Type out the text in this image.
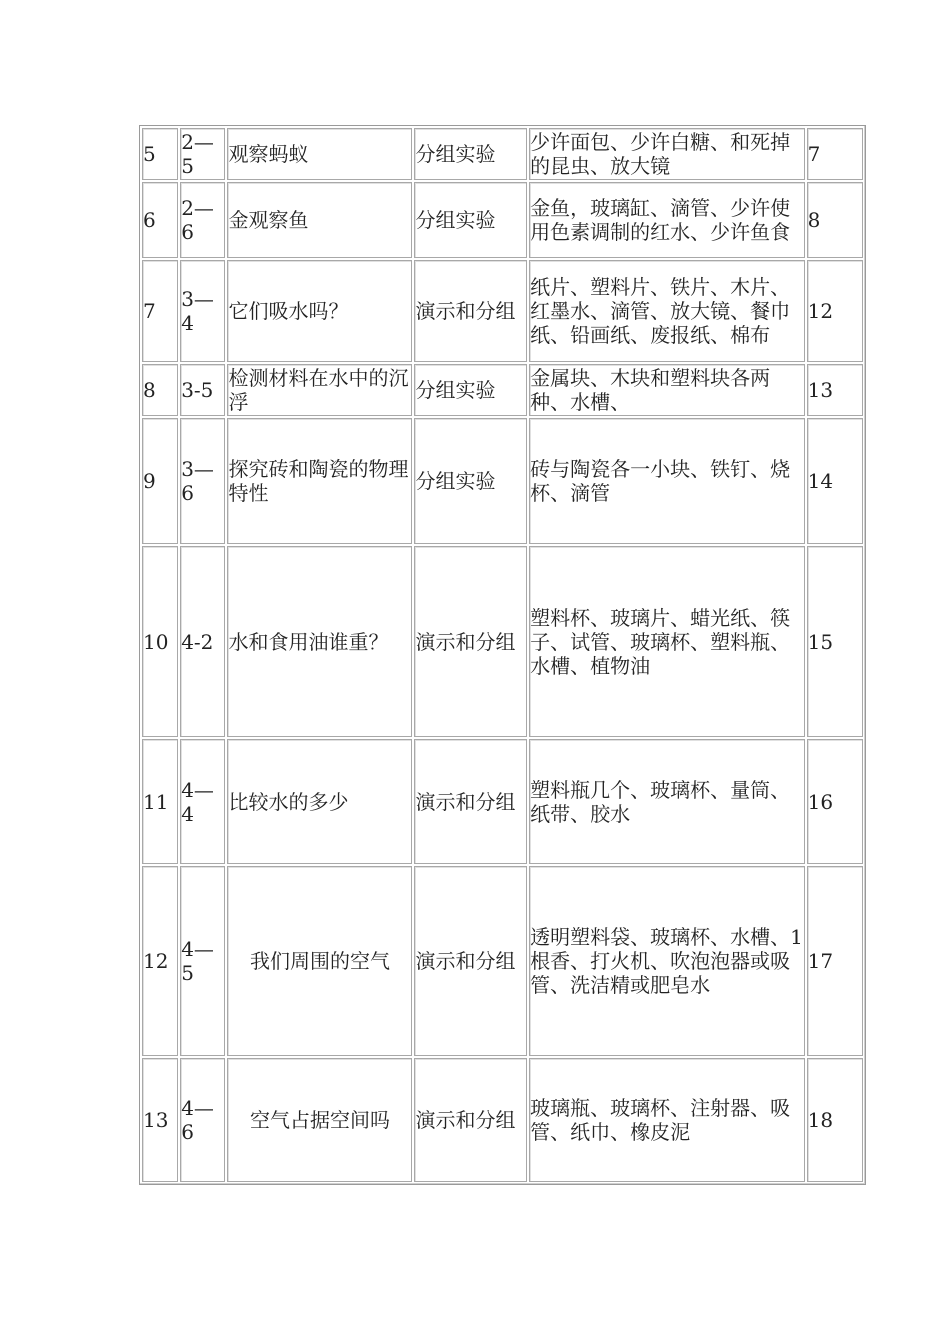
5	2—5	观察蚂蚁	分组实验	少许面包、少许白糖、和死掉的昆虫、放大镜	7
6	2—6	金观察鱼	分组实验	金鱼，玻璃缸、滴管、少许使用色素调制的红水、少许鱼食	8
7	3—4	它们吸水吗？	演示和分组	纸片、塑料片、铁片、木片、红墨水、滴管、放大镜、餐巾纸、铅画纸、废报纸、棉布	12
8	3-5	检测材料在水中的沉浮	分组实验	金属块、木块和塑料块各两种、水槽、	13
9	3—6	探究砖和陶瓷的物理特性	分组实验	砖与陶瓷各一小块、铁钉、烧杯、滴管	14
10	4-2	水和食用油谁重？	演示和分组	塑料杯、玻璃片、蜡光纸、筷子、试管、玻璃杯、塑料瓶、水槽、植物油	15
11	4—4	比较水的多少	演示和分组	塑料瓶几个、玻璃杯、量筒、纸带、胶水	16
12	4—5	我们周围的空气	演示和分组	透明塑料袋、玻璃杯、水槽、1根香、打火机、吹泡泡器或吸管、洗洁精或肥皂水	17
13	4—6	空气占据空间吗	演示和分组	玻璃瓶、玻璃杯、注射器、吸管、纸巾、橡皮泥	18
